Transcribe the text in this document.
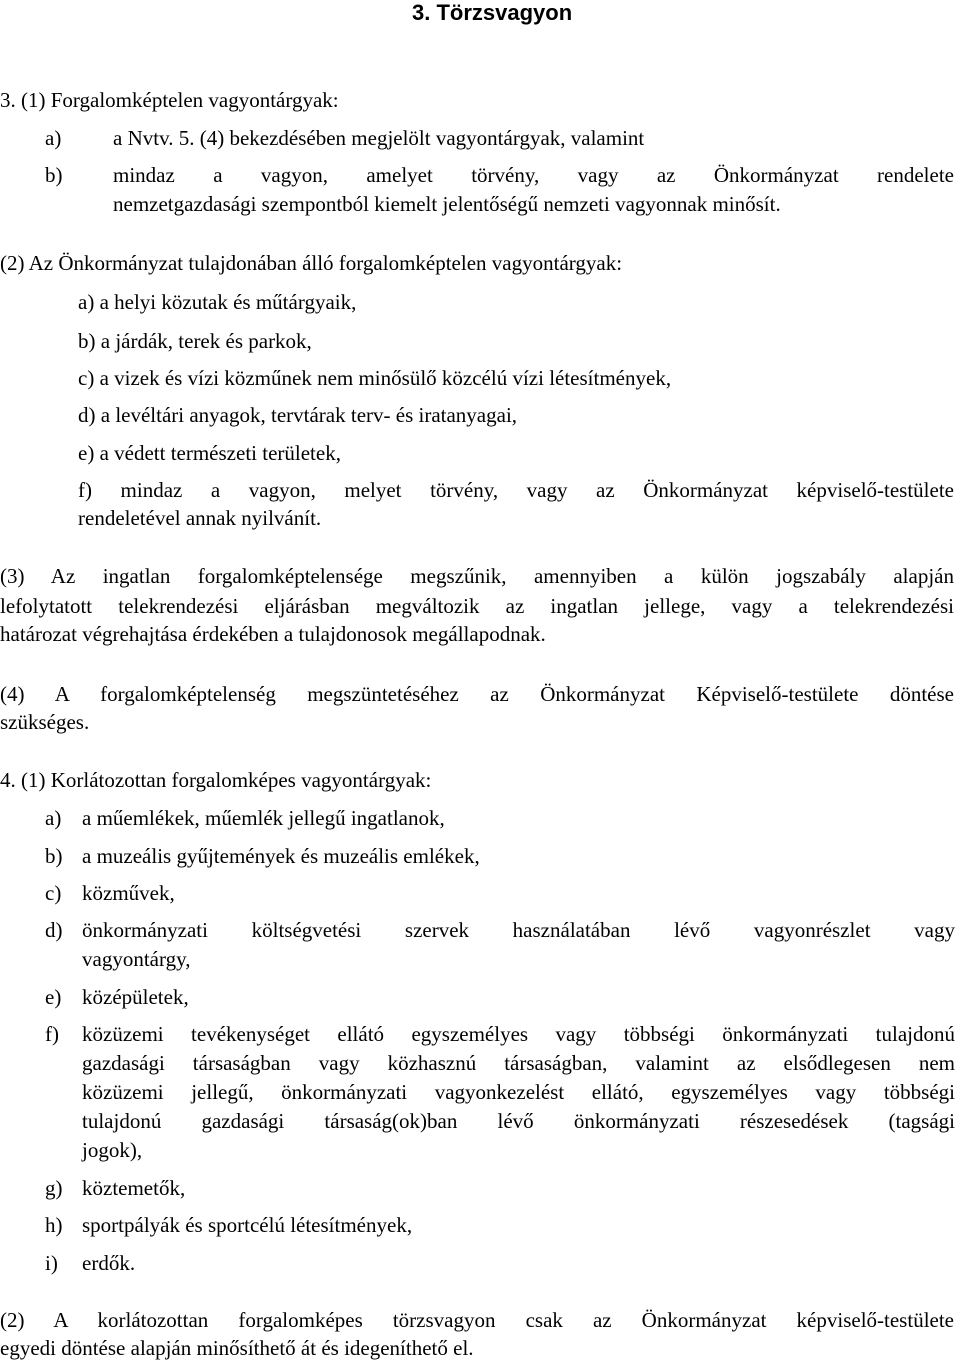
3. Törzsvagyon
3. (1) Forgalomképtelen vagyontárgyak:
a) a Nvtv. 5. (4) bekezdésében megjelölt vagyontárgyak, valamint
b) mindaz a vagyon, amelyet törvény, vagy az Önkormányzat rendelete
nemzetgazdasági szempontból kiemelt jelentőségű nemzeti vagyonnak minősít.
(2) Az Önkormányzat tulajdonában álló forgalomképtelen vagyontárgyak:
a) a helyi közutak és műtárgyaik,
b) a járdák, terek és parkok,
c) a vizek és vízi közműnek nem minősülő közcélú vízi létesítmények,
d) a levéltári anyagok, tervtárak terv- és iratanyagai,
e) a védett természeti területek,
f) mindaz a vagyon, melyet törvény, vagy az Önkormányzat képviselő-testülete
rendeletével annak nyilvánít.
(3) Az ingatlan forgalomképtelensége megszűnik, amennyiben a külön jogszabály alapján
lefolytatott telekrendezési eljárásban megváltozik az ingatlan jellege, vagy a telekrendezési
határozat végrehajtása érdekében a tulajdonosok megállapodnak.
(4) A forgalomképtelenség megszüntetéséhez az Önkormányzat Képviselő-testülete döntése
szükséges.
4. (1) Korlátozottan forgalomképes vagyontárgyak:
a) a műemlékek, műemlék jellegű ingatlanok,
b) a muzeális gyűjtemények és muzeális emlékek,
c) közművek,
d) önkormányzati költségvetési szervek használatában lévő vagyonrészlet vagy
vagyontárgy,
e) középületek,
f) közüzemi tevékenységet ellátó egyszemélyes vagy többségi önkormányzati tulajdonú
gazdasági társaságban vagy közhasznú társaságban, valamint az elsődlegesen nem
közüzemi jellegű, önkormányzati vagyonkezelést ellátó, egyszemélyes vagy többségi
tulajdonú gazdasági társaság(ok)ban lévő önkormányzati részesedések (tagsági
jogok),
g) köztemetők,
h) sportpályák és sportcélú létesítmények,
i) erdők.
(2) A korlátozottan forgalomképes törzsvagyon csak az Önkormányzat képviselő-testülete
egyedi döntése alapján minősíthető át és idegeníthető el.
